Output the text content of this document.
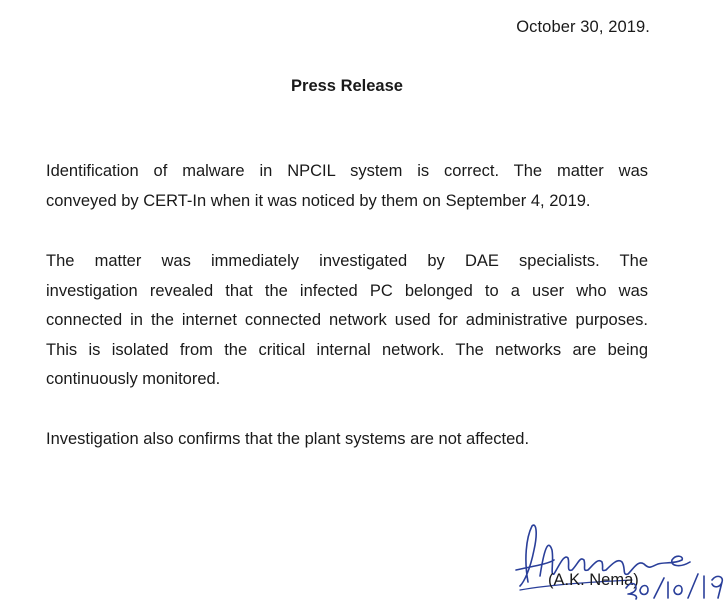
October 30, 2019.
Press Release
Identification of malware in NPCIL system is correct. The matter was
conveyed by CERT-In when it was noticed by them on September 4, 2019.
The matter was immediately investigated by DAE specialists. The
investigation revealed that the infected PC belonged to a user who was
connected in the internet connected network used for administrative purposes.
This is isolated from the critical internal network. The networks are being
continuously monitored.
Investigation also confirms that the plant systems are not affected.
(A.K. Nema)
